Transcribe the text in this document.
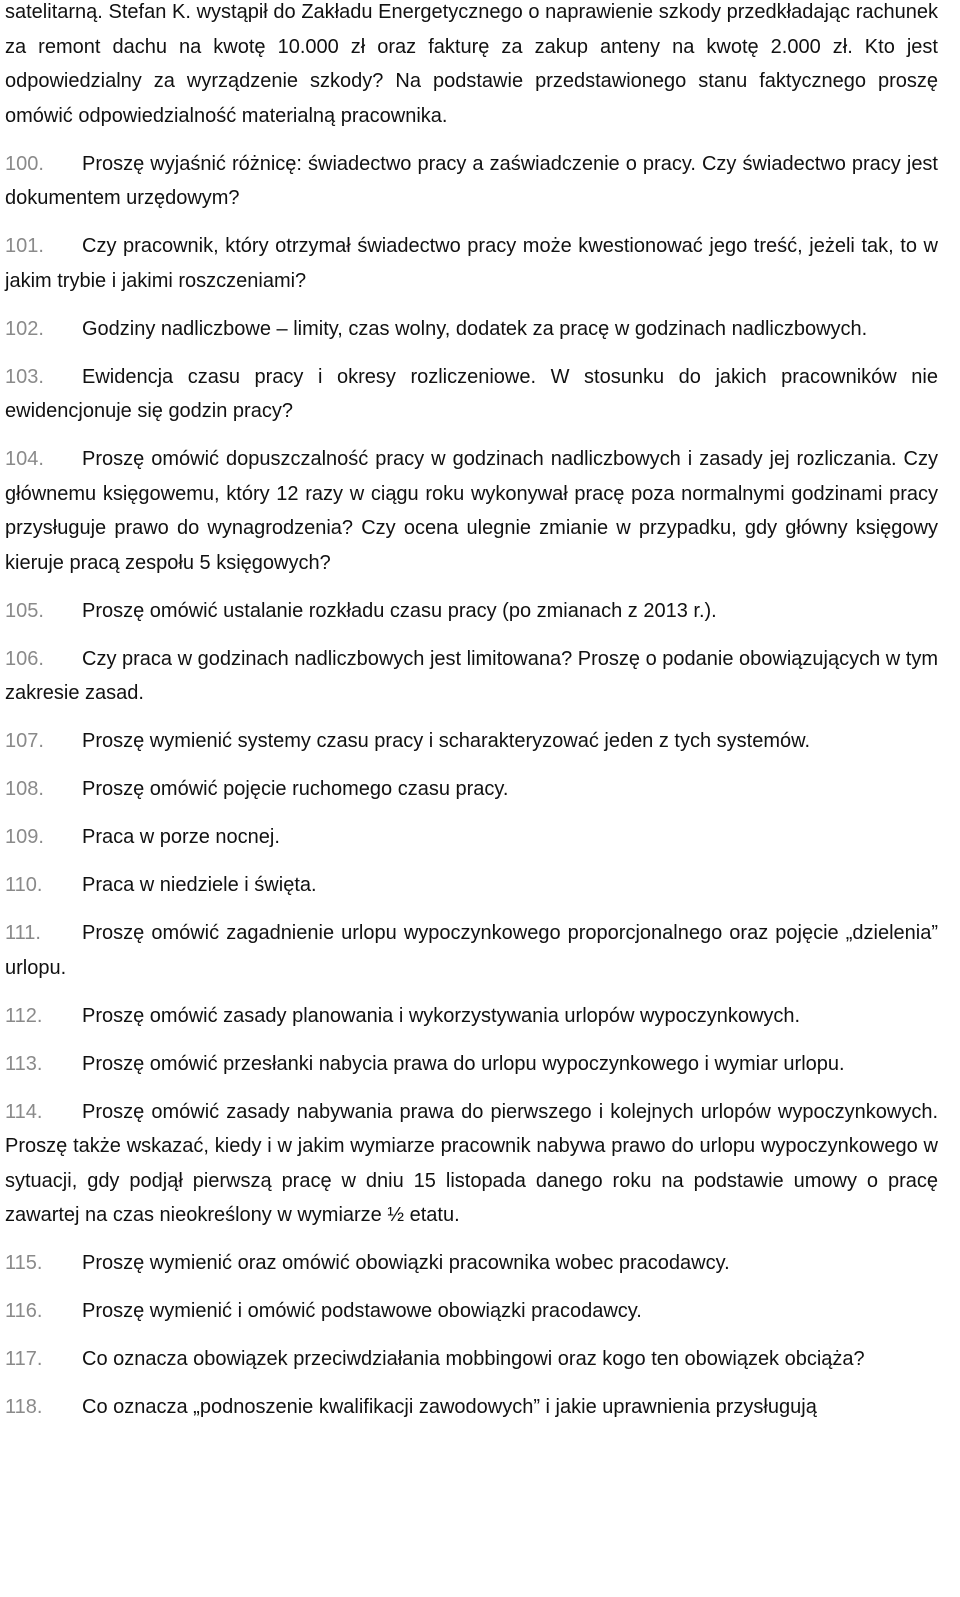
satelitarną. Stefan K. wystąpił do Zakładu Energetycznego o naprawienie szkody przedkładając rachunek za remont dachu na kwotę 10.000 zł oraz fakturę za zakup anteny na kwotę 2.000 zł. Kto jest odpowiedzialny za wyrządzenie szkody? Na podstawie przedstawionego stanu faktycznego proszę omówić odpowiedzialność materialną pracownika.

100. Proszę wyjaśnić różnicę: świadectwo pracy a zaświadczenie o pracy. Czy świadectwo pracy jest dokumentem urzędowym?

101. Czy pracownik, który otrzymał świadectwo pracy może kwestionować jego treść, jeżeli tak, to w jakim trybie i jakimi roszczeniami?

102. Godziny nadliczbowe – limity, czas wolny, dodatek za pracę w godzinach nadliczbowych.

103. Ewidencja czasu pracy i okresy rozliczeniowe. W stosunku do jakich pracowników nie ewidencjonuje się godzin pracy?

104. Proszę omówić dopuszczalność pracy w godzinach nadliczbowych i zasady jej rozliczania. Czy głównemu księgowemu, który 12 razy w ciągu roku wykonywał pracę poza normalnymi godzinami pracy przysługuje prawo do wynagrodzenia? Czy ocena ulegnie zmianie w przypadku, gdy główny księgowy kieruje pracą zespołu 5 księgowych?

105. Proszę omówić ustalanie rozkładu czasu pracy (po zmianach z 2013 r.).

106. Czy praca w godzinach nadliczbowych jest limitowana? Proszę o podanie obowiązujących w tym zakresie zasad.

107. Proszę wymienić systemy czasu pracy i scharakteryzować jeden z tych systemów.

108. Proszę omówić pojęcie ruchomego czasu pracy.

109. Praca w porze nocnej.

110. Praca w niedziele i święta.

111. Proszę omówić zagadnienie urlopu wypoczynkowego proporcjonalnego oraz pojęcie „dzielenia” urlopu.

112. Proszę omówić zasady planowania i wykorzystywania urlopów wypoczynkowych.

113. Proszę omówić przesłanki nabycia prawa do urlopu wypoczynkowego i wymiar urlopu.

114. Proszę omówić zasady nabywania prawa do pierwszego i kolejnych urlopów wypoczynkowych. Proszę także wskazać, kiedy i w jakim wymiarze pracownik nabywa prawo do urlopu wypoczynkowego w sytuacji, gdy podjął pierwszą pracę w dniu 15 listopada danego roku na podstawie umowy o pracę zawartej na czas nieokreślony w wymiarze ½ etatu.

115. Proszę wymienić oraz omówić obowiązki pracownika wobec pracodawcy.

116. Proszę wymienić i omówić podstawowe obowiązki pracodawcy.

117. Co oznacza obowiązek przeciwdziałania mobbingowi oraz kogo ten obowiązek obciąża?

118. Co oznacza „podnoszenie kwalifikacji zawodowych” i jakie uprawnienia przysługują
